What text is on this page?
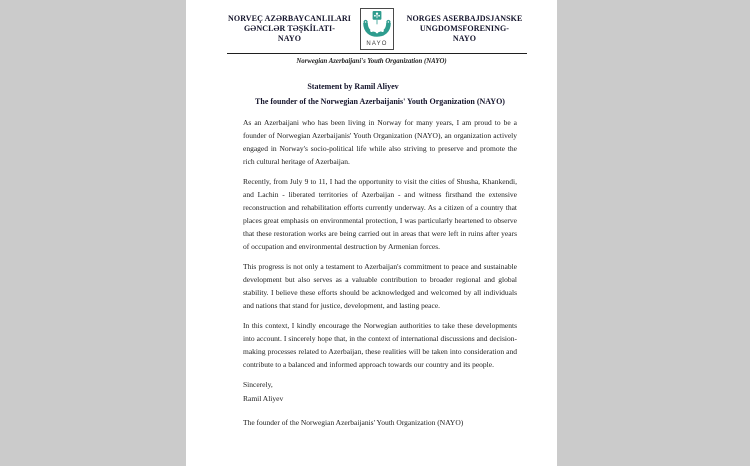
NORVEÇ AZƏRBAYCANLILARI
GƏNCLƏR TƏŞKİLATI-
NAYO
NAYO
NORGES ASERBAJDSJANSKE
UNGDOMSFORENING-
NAYO
Norwegian Azerbaijani's Youth Organization (NAYO)
Statement by Ramil Aliyev
The founder of the Norwegian Azerbaijanis' Youth Organization (NAYO)

As an Azerbaijani who has been living in Norway for many years, I am proud to be a founder of Norwegian Azerbaijanis' Youth Organization (NAYO), an organization actively engaged in Norway's socio-political life while also striving to preserve and promote the rich cultural heritage of Azerbaijan.

Recently, from July 9 to 11, I had the opportunity to visit the cities of Shusha, Khankendi, and Lachin - liberated territories of Azerbaijan - and witness firsthand the extensive reconstruction and rehabilitation efforts currently underway. As a citizen of a country that places great emphasis on environmental protection, I was particularly heartened to observe that these restoration works are being carried out in areas that were left in ruins after years of occupation and environmental destruction by Armenian forces.

This progress is not only a testament to Azerbaijan's commitment to peace and sustainable development but also serves as a valuable contribution to broader regional and global stability. I believe these efforts should be acknowledged and welcomed by all individuals and nations that stand for justice, development, and lasting peace.

In this context, I kindly encourage the Norwegian authorities to take these developments into account. I sincerely hope that, in the context of international discussions and decision-making processes related to Azerbaijan, these realities will be taken into consideration and contribute to a balanced and informed approach towards our country and its people.

Sincerely,
Ramil Aliyev
The founder of the Norwegian Azerbaijanis' Youth Organization (NAYO)
